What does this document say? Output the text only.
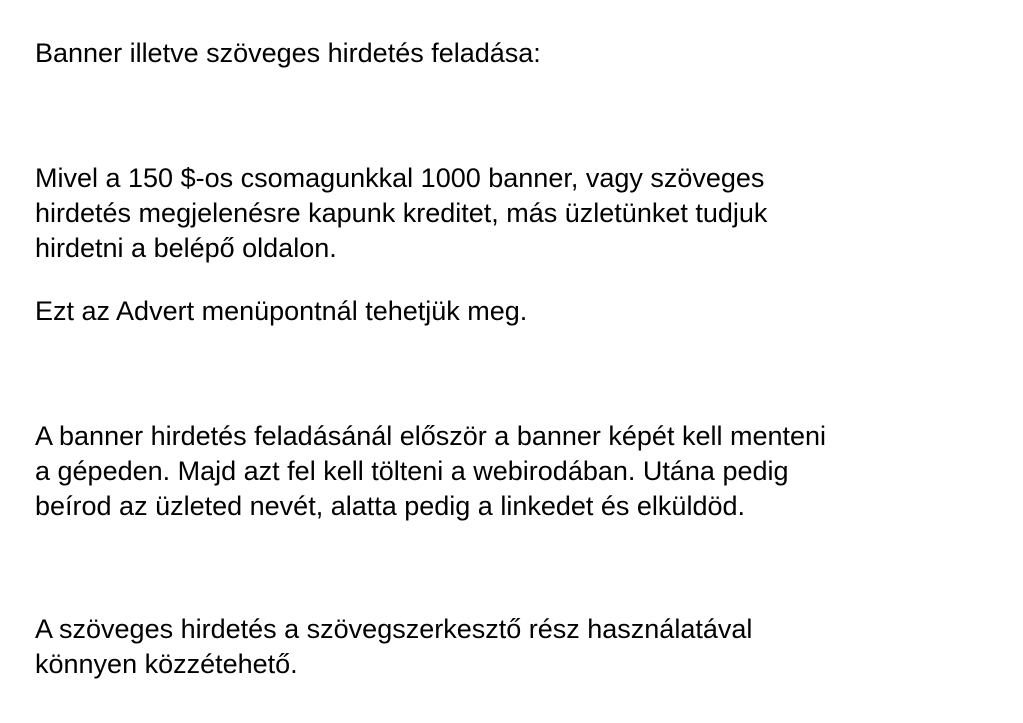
Banner illetve szöveges hirdetés feladása:

Mivel a 150 $-os csomagunkkal 1000 banner, vagy szöveges
hirdetés megjelenésre kapunk kreditet, más üzletünket tudjuk
hirdetni a belépő oldalon.

Ezt az Advert menüpontnál tehetjük meg.

A banner hirdetés feladásánál először a banner képét kell menteni
a gépeden. Majd azt fel kell tölteni a webirodában. Utána pedig
beírod az üzleted nevét, alatta pedig a linkedet és elküldöd.

A szöveges hirdetés a szövegszerkesztő rész használatával
könnyen közzétehető.
